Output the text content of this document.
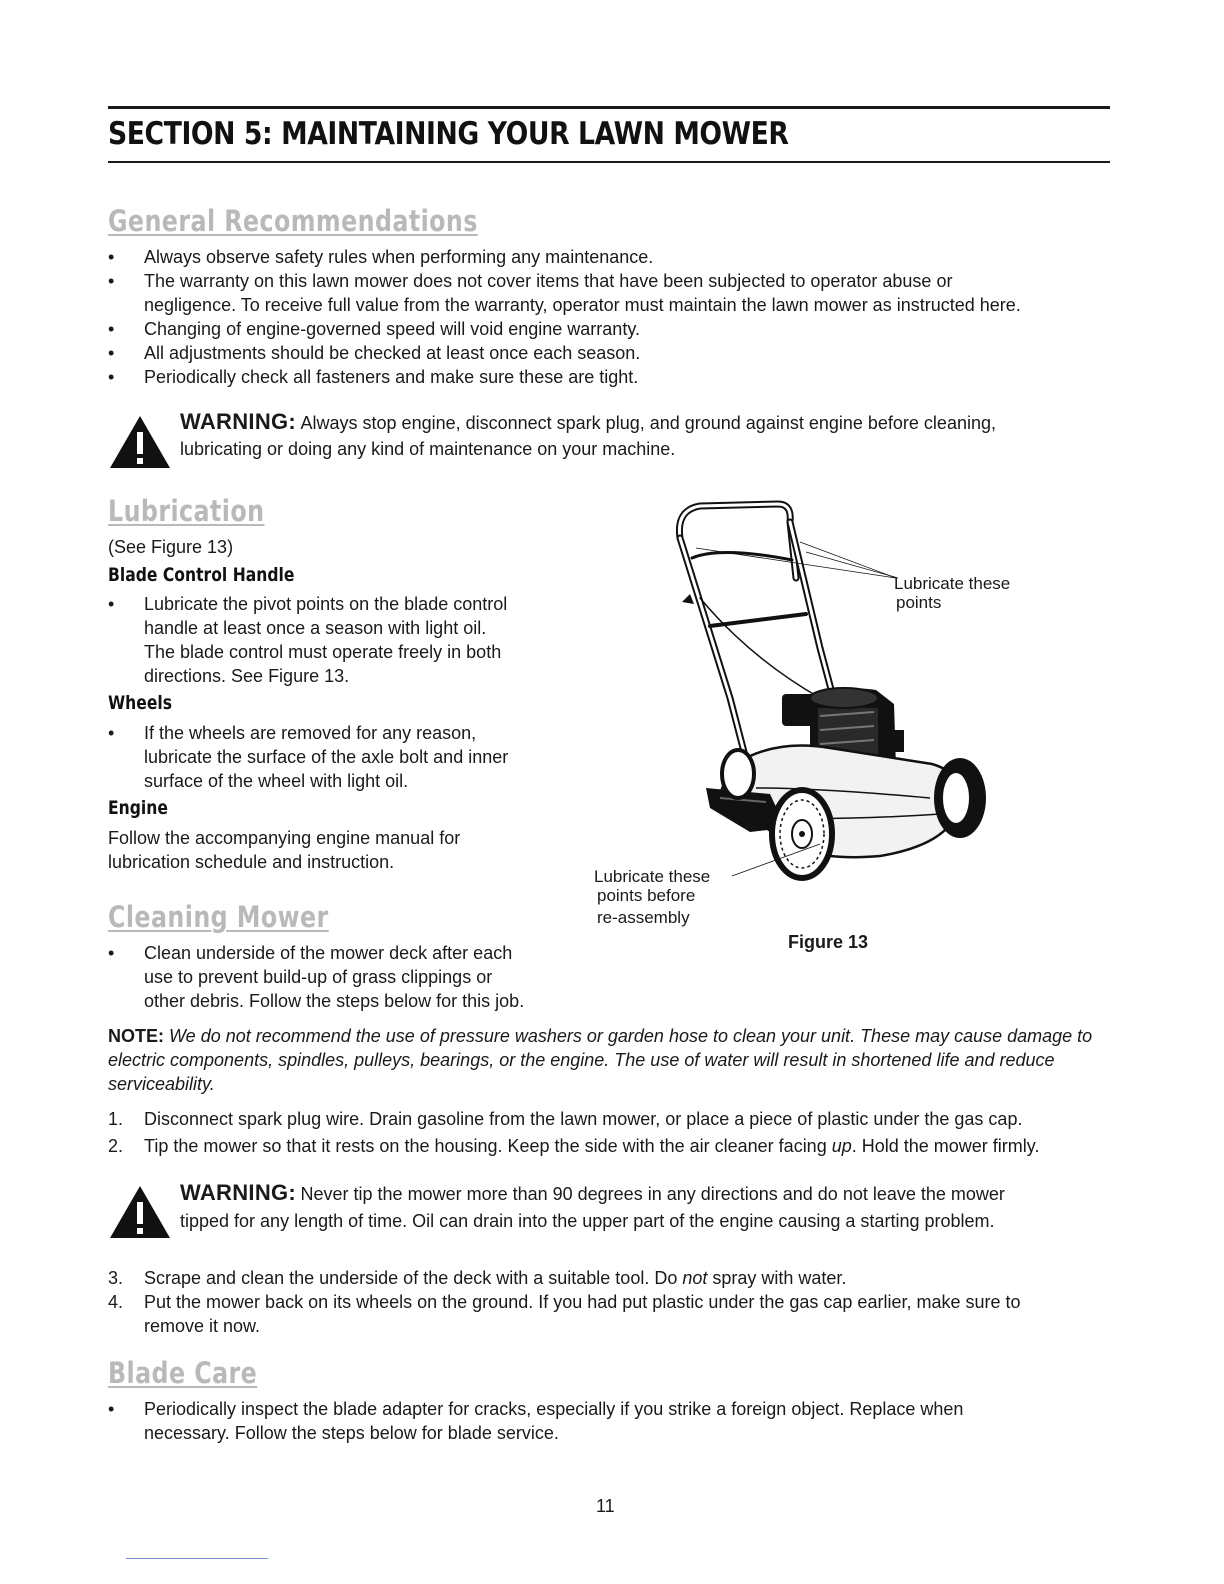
SECTION 5: MAINTAINING YOUR LAWN MOWER
General Recommendations
•	Always observe safety rules when performing any maintenance.
•	The warranty on this lawn mower does not cover items that have been subjected to operator abuse or
negligence. To receive full value from the warranty, operator must maintain the lawn mower as instructed here.
•	Changing of engine-governed speed will void engine warranty.
•	All adjustments should be checked at least once each season.
•	Periodically check all fasteners and make sure these are tight.
WARNING: Always stop engine, disconnect spark plug, and ground against engine before cleaning,
lubricating or doing any kind of maintenance on your machine.
Lubrication
(See Figure 13)
Blade Control Handle
•	Lubricate the pivot points on the blade control
handle at least once a season with light oil.
The blade control must operate freely in both
directions. See Figure 13.
Wheels
•	If the wheels are removed for any reason,
lubricate the surface of the axle bolt and inner
surface of the wheel with light oil.
Engine
Follow the accompanying engine manual for
lubrication schedule and instruction.
Lubricate these
points
Lubricate these
points before
re-assembly
Figure 13
Cleaning Mower
•	Clean underside of the mower deck after each
use to prevent build-up of grass clippings or
other debris. Follow the steps below for this job.
NOTE: We do not recommend the use of pressure washers or garden hose to clean your unit. These may cause damage to electric components, spindles, pulleys, bearings, or the engine. The use of water will result in shortened life and reduce serviceability.
1.	Disconnect spark plug wire. Drain gasoline from the lawn mower, or place a piece of plastic under the gas cap.
2.	Tip the mower so that it rests on the housing. Keep the side with the air cleaner facing up. Hold the mower firmly.
WARNING: Never tip the mower more than 90 degrees in any directions and do not leave the mower
tipped for any length of time. Oil can drain into the upper part of the engine causing a starting problem.
3.	Scrape and clean the underside of the deck with a suitable tool. Do not spray with water.
4.	Put the mower back on its wheels on the ground. If you had put plastic under the gas cap earlier, make sure to
remove it now.
Blade Care
•	Periodically inspect the blade adapter for cracks, especially if you strike a foreign object. Replace when
necessary. Follow the steps below for blade service.
11
